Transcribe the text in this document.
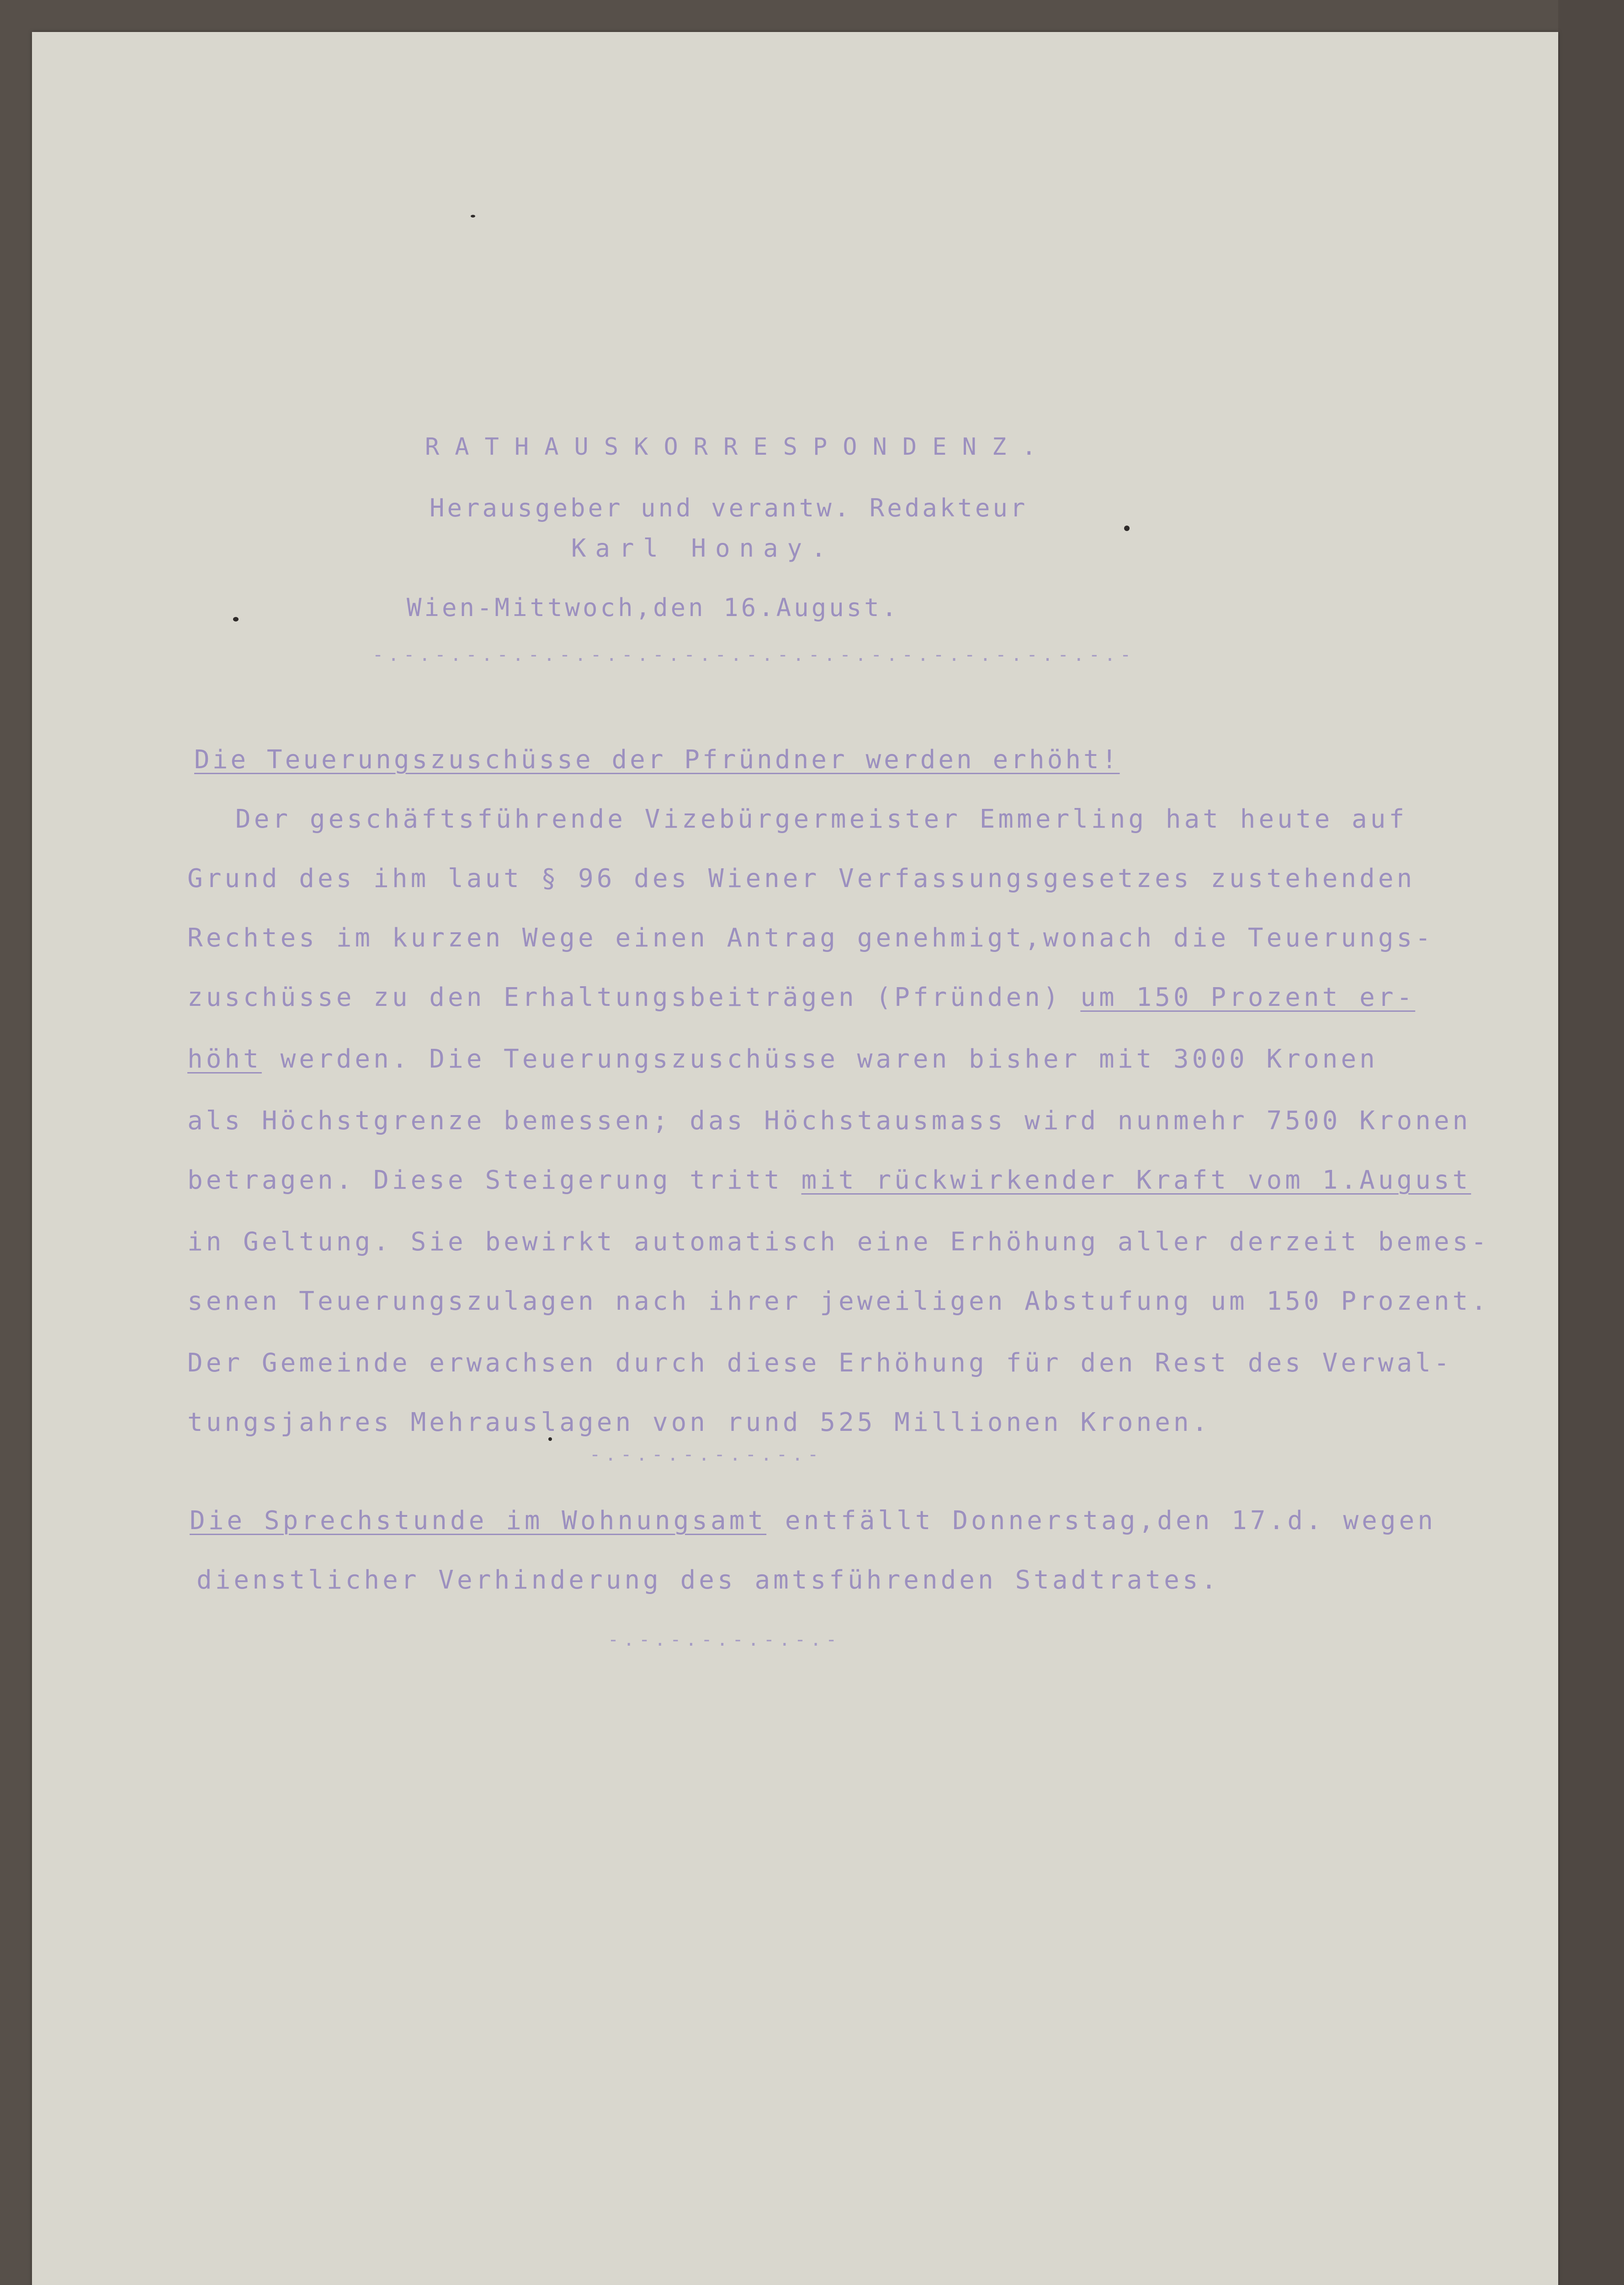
RATHAUSKORRESPONDENZ.
Herausgeber und verantw. Redakteur
Karl Honay.
Wien-Mittwoch,den 16.August.
-.-.-.-.-.-.-.-.-.-.-.-.-.-.-.-.-.-.-.-.-.-.-.-.-
Die Teuerungszuschüsse der Pfründner werden erhöht!
Der geschäftsführende Vizebürgermeister Emmerling hat heute auf
Grund des ihm laut § 96 des Wiener Verfassungsgesetzes zustehenden
Rechtes im kurzen Wege einen Antrag genehmigt,wonach die Teuerungs-
zuschüsse zu den Erhaltungsbeiträgen (Pfründen) um 150 Prozent er-
höht werden. Die Teuerungszuschüsse waren bisher mit 3000 Kronen
als Höchstgrenze bemessen; das Höchstausmass wird nunmehr 7500 Kronen
betragen. Diese Steigerung tritt mit rückwirkender Kraft vom 1.August
in Geltung. Sie bewirkt automatisch eine Erhöhung aller derzeit bemes-
senen Teuerungszulagen nach ihrer jeweiligen Abstufung um 150 Prozent.
Der Gemeinde erwachsen durch diese Erhöhung für den Rest des Verwal-
tungsjahres Mehrauslagen von rund 525 Millionen Kronen.
-.-.-.-.-.-.-.-
Die Sprechstunde im Wohnungsamt entfällt Donnerstag,den 17.d. wegen
dienstlicher Verhinderung des amtsführenden Stadtrates.
-.-.-.-.-.-.-.-
